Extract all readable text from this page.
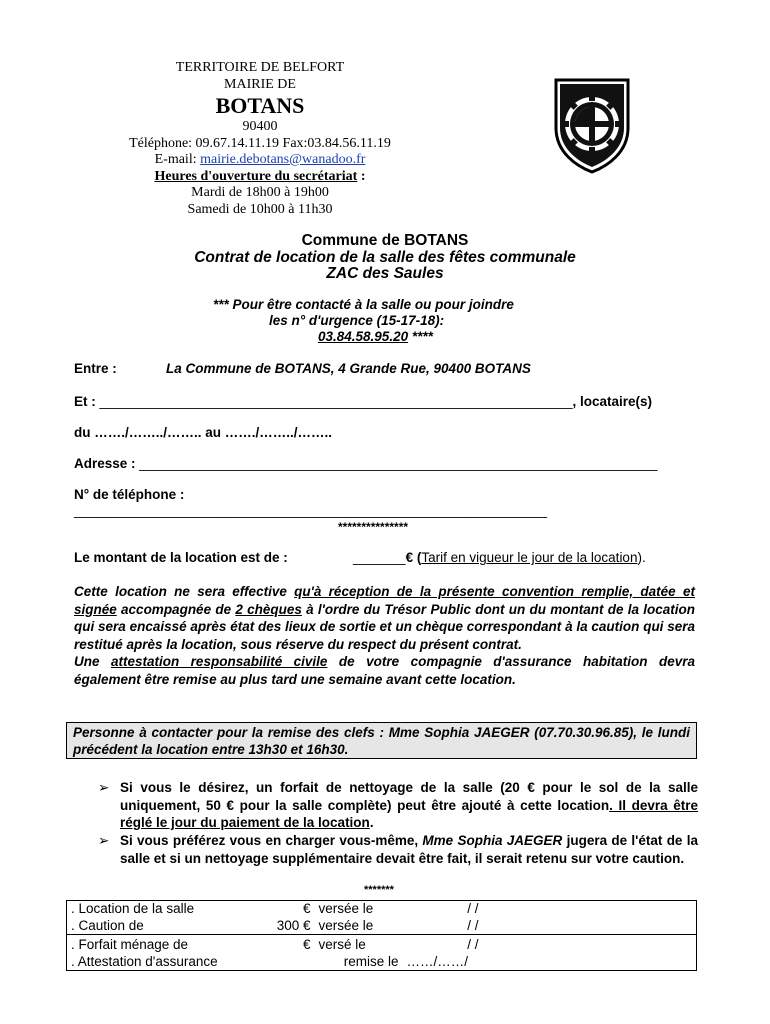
TERRITOIRE DE BELFORT
MAIRIE DE
BOTANS
90400
Téléphone: 09.67.14.11.19 Fax:03.84.56.11.19
E-mail: mairie.debotans@wanadoo.fr
Heures d'ouverture du secrétariat :
Mardi de 18h00 à 19h00
Samedi de 10h00 à 11h30
Commune de BOTANS
Contrat de location de la salle des fêtes communale
ZAC des Saules
*** Pour être contacté à la salle ou pour joindre
les n° d'urgence (15-17-18):
03.84.58.95.20 ****
Entre :	La Commune de BOTANS, 4 Grande Rue, 90400 BOTANS
Et : _______________________________________________________________, locataire(s)
du ……./……../…….. au ……./……../……..
Adresse : _____________________________________________________________________
N° de téléphone :
_______________________________________________________________
***************
Le montant de la location est de :	_______€ (Tarif en vigueur le jour de la location).
Cette location ne sera effective qu'à réception de la présente convention remplie, datée et signée accompagnée de 2 chèques à l'ordre du Trésor Public dont un du montant de la location qui sera encaissé après état des lieux de sortie et un chèque correspondant à la caution qui sera restitué après la location, sous réserve du respect du présent contrat.
Une attestation responsabilité civile de votre compagnie d'assurance habitation devra également être remise au plus tard une semaine avant cette location.
Personne à contacter pour la remise des clefs : Mme Sophia JAEGER (07.70.30.96.85), le lundi précédent la location entre 13h30 et 16h30.
➢ Si vous le désirez, un forfait de nettoyage de la salle (20 € pour le sol de la salle uniquement, 50 € pour la salle complète) peut être ajouté à cette location. Il devra être réglé le jour du paiement de la location.
➢ Si vous préférez vous en charger vous-même, Mme Sophia JAEGER jugera de l'état de la salle et si un nettoyage supplémentaire devait être fait, il serait retenu sur votre caution.
*******
. Location de la salle	€	versée le	/ /	
. Caution de	300 €	versée le	/ /	
. Forfait ménage de	€	versé le	/ /	
. Attestation d'assurance		remise le	……/……/	
